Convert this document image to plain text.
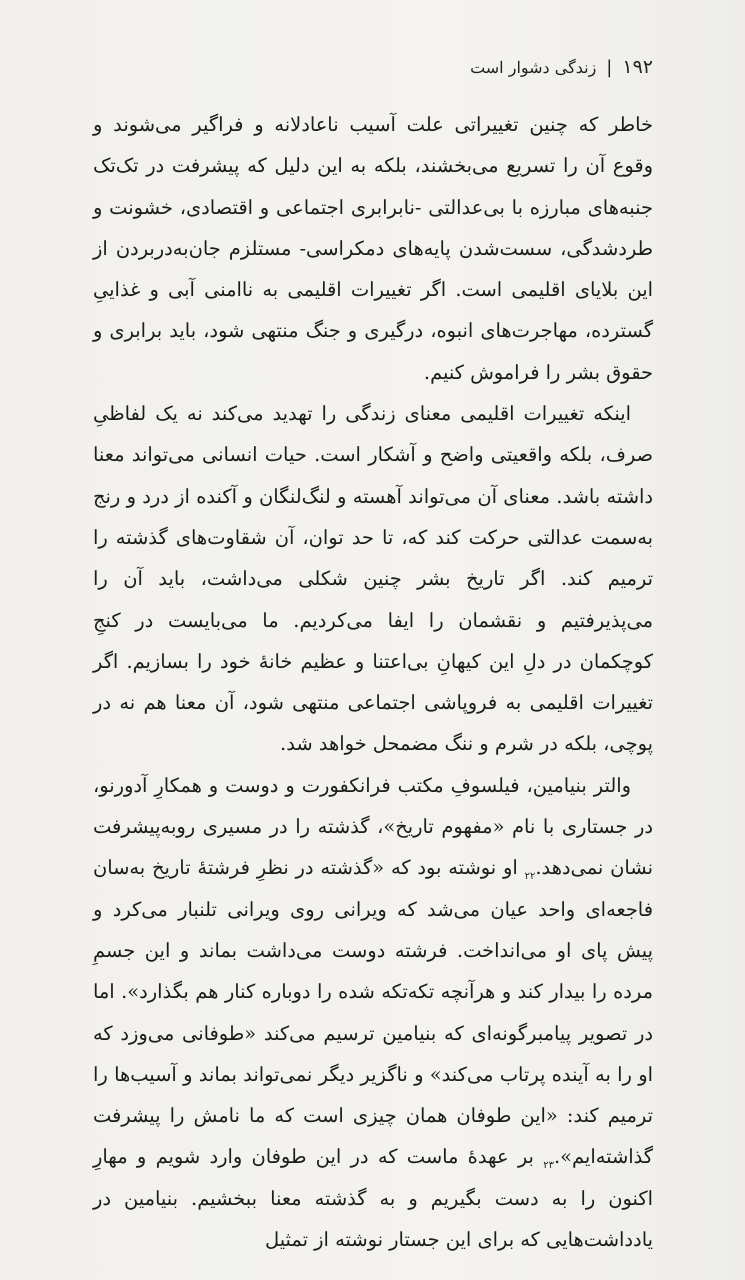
۱۹۲
|
زندگی دشوار است

خاطر که چنین تغییراتی علت آسیب ناعادلانه و فراگیر می‌شوند و وقوع آن را تسریع می‌بخشند، بلکه به این دلیل که پیشرفت در تک‌تک جنبه‌های مبارزه با بی‌عدالتی -نابرابری اجتماعی و اقتصادی، خشونت و طردشدگی، سست‌شدن پایه‌های دمکراسی- مستلزم جان‌به‌دربردن از این بلایای اقلیمی است. اگر تغییرات اقلیمی به ناامنی آبی و غذاییِ گسترده، مهاجرت‌های انبوه، درگیری و جنگ منتهی شود، باید برابری و حقوق بشر را فراموش کنیم.

اینکه تغییرات اقلیمی معنای زندگی را تهدید می‌کند نه یک لفاظیِ صرف، بلکه واقعیتی واضح و آشکار است. حیات انسانی می‌تواند معنا داشته باشد. معنای آن می‌تواند آهسته و لنگ‌لنگان و آکنده از درد و رنج به‌سمت عدالتی حرکت کند که، تا حد توان، آن شقاوت‌های گذشته را ترمیم کند. اگر تاریخ بشر چنین شکلی می‌داشت، باید آن را می‌پذیرفتیم و نقشمان را ایفا می‌کردیم. ما می‌بایست در کنجِ کوچکمان در دلِ این کیهانِ بی‌اعتنا و عظیم خانهٔ خود را بسازیم. اگر تغییرات اقلیمی به فروپاشی اجتماعی منتهی شود، آن معنا هم نه در پوچی، بلکه در شرم و ننگ مضمحل خواهد شد.

والتر بنیامین، فیلسوفِ مکتب فرانکفورت و دوست و همکارِ آدورنو، در جستاری با نام «مفهوم تاریخ»، گذشته را در مسیری روبه‌پیشرفت نشان $نمی‌دهد._{۲۲}$ او نوشته بود که «گذشته در نظرِ فرشتهٔ تاریخ به‌سان فاجعه‌ای واحد عیان می‌شد که ویرانی روی ویرانی تلنبار می‌کرد و پیش پای او می‌انداخت. فرشته دوست می‌داشت بماند و این جسمِ مرده را بیدار کند و هرآنچه تکه‌تکه شده را دوباره کنار هم بگذارد». اما در تصویر پیامبرگونه‌ای که بنیامین ترسیم می‌کند «طوفانی می‌وزد که او را به آینده پرتاب می‌کند» و ناگزیر دیگر نمی‌تواند بماند و آسیب‌ها را ترمیم کند: «این طوفان همان چیزی است که ما نامش را پیشرفت $گذاشته‌ایم»._{۲۳}$ بر عهدهٔ ماست که در این طوفان وارد شویم و مهارِ اکنون را به دست بگیریم و به گذشته معنا ببخشیم. بنیامین در یادداشت‌هایی که برای این جستار نوشته از تمثیل
